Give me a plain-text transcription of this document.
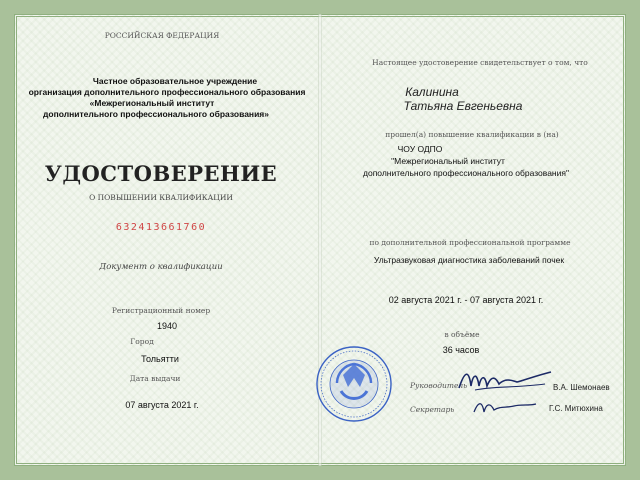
РОССИЙСКАЯ ФЕДЕРАЦИЯ
Частное образовательное учреждение
организация дополнительного профессионального образования
«Межрегиональный институт
дополнительного профессионального образования»
УДОСТОВЕРЕНИЕ
О ПОВЫШЕНИИ КВАЛИФИКАЦИИ
632413661760
Документ о квалификации
Регистрационный номер
1940
Город
Тольятти
Дата выдачи
07 августа 2021 г.
Настоящее удостоверение свидетельствует о том, что
Калинина
Татьяна Евгеньевна
прошел(а) повышение квалификации в (на)
ЧОУ ОДПО
"Межрегиональный институт
дополнительного профессионального образования"
по дополнительной профессиональной программе
Ультразвуковая диагностика заболеваний почек
02 августа 2021 г. - 07 августа 2021 г.
в объёме
36 часов
Руководитель	В.А. Шемонаев
Секретарь	Г.С. Митюхина
